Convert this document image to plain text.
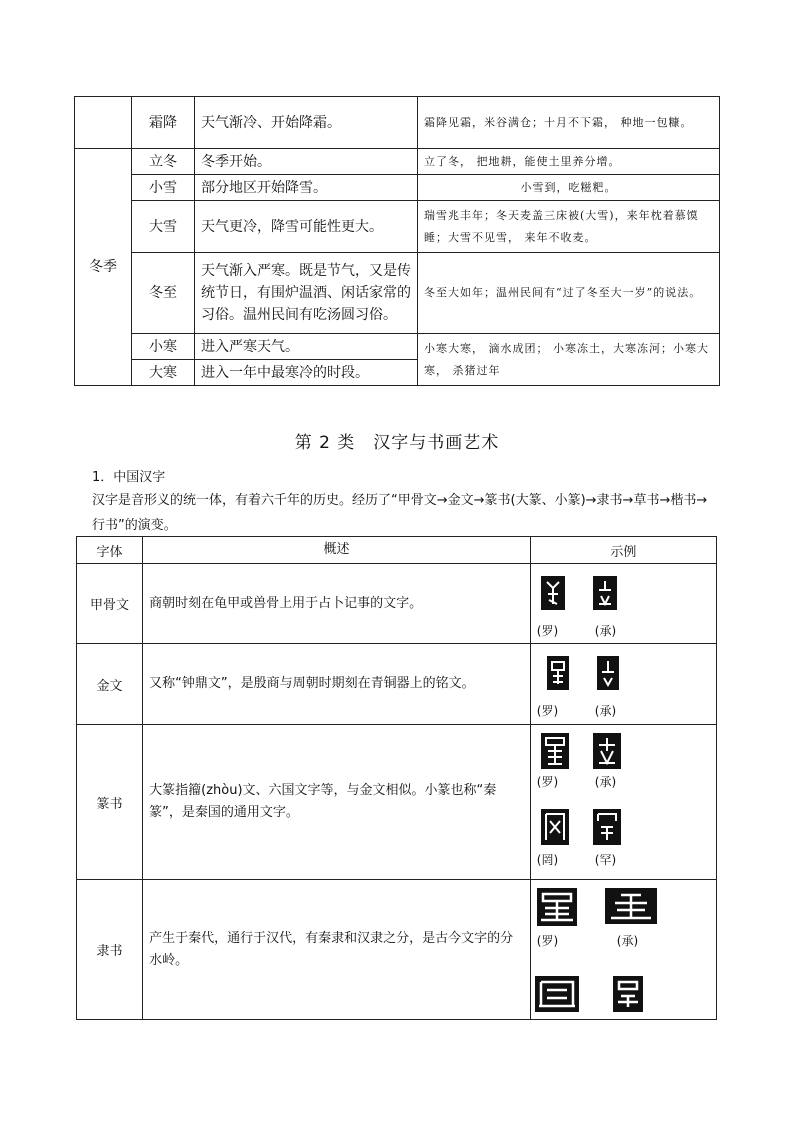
	霜降	天气渐冷、开始降霜。	霜降见霜，米谷满仓；十月不下霜， 种地一包糠。
冬季	立冬	冬季开始。	立了冬， 把地耕，能使土里养分增。
	小雪	部分地区开始降雪。	小雪到，吃糍粑。
	大雪	天气更冷，降雪可能性更大。	瑞雪兆丰年；冬天麦盖三床被(大雪)，来年枕着慕馍睡；大雪不见雪， 来年不收麦。
	冬至	天气渐入严寒。既是节气，又是传统节日，有围炉温酒、闲话家常的习俗。温州民间有吃汤圆习俗。	冬至大如年；温州民间有“过了冬至大一岁”的说法。
	小寒	进入严寒天气。	小寒大寒， 滴水成团； 小寒冻土，大寒冻河；小寒大寒， 杀猪过年
	大寒	进入一年中最寒冷的时段。	
第 2 类　汉字与书画艺术
1．中国汉字
汉字是音形义的统一体，有着六千年的历史。经历了“甲骨文→金文→篆书(大篆、小篆)→隶书→草书→楷书→行书”的演变。
字体	概述	示例
甲骨文	商朝时刻在龟甲或兽骨上用于占卜记事的文字。	(罗) (承)

金文	又称“钟鼎文”，是殷商与周朝时期刻在青铜器上的铭文。	(罗) (承)

篆书	大篆指籀(zhòu)文、六国文字等，与金文相似。小篆也称“秦篆”，是秦国的通用文字。	(罗) (承)
(罔) (罕)

隶书	产生于秦代，通行于汉代，有秦隶和汉隶之分，是古今文字的分水岭。	(罗) (承)
